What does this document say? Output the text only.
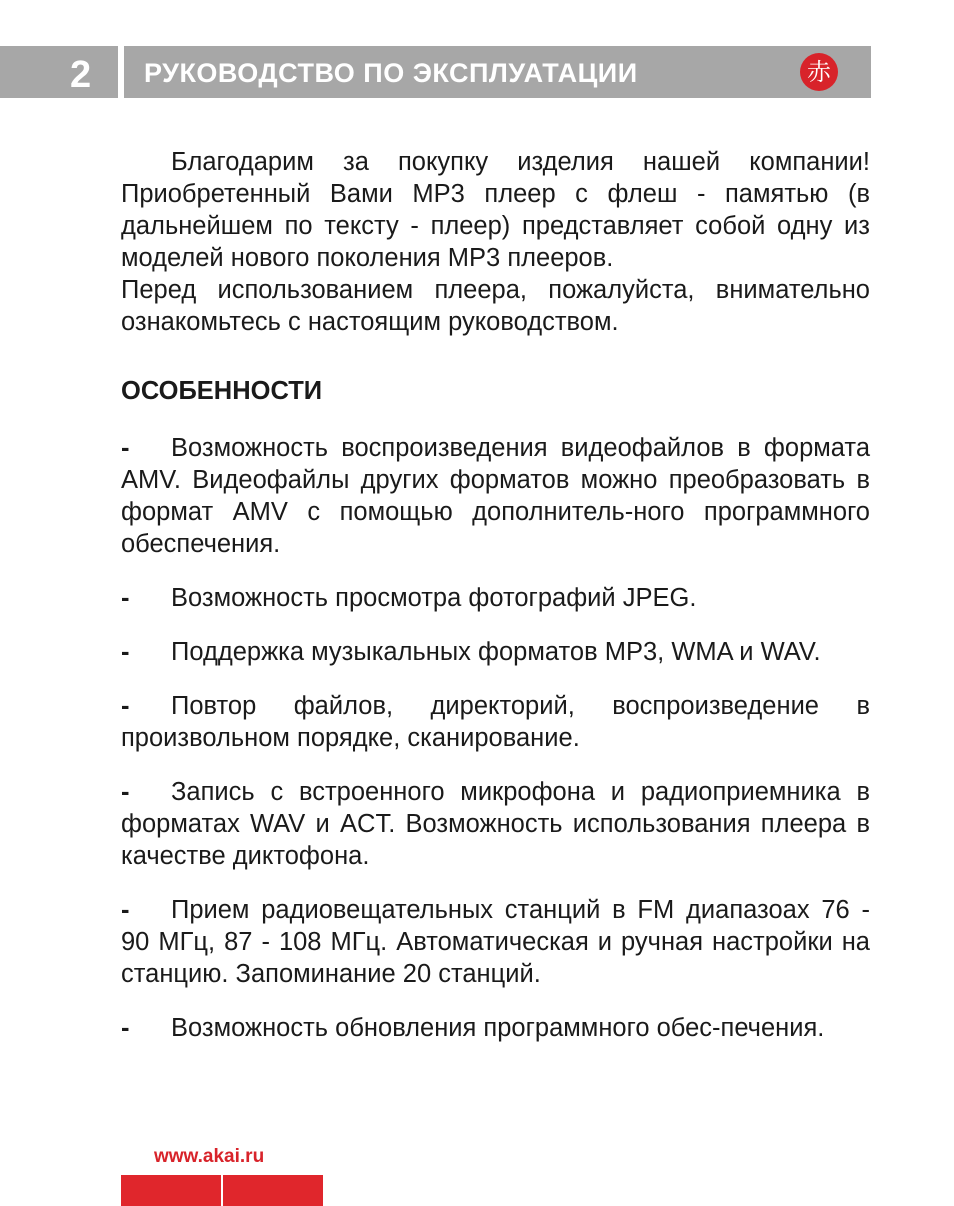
2	РУКОВОДСТВО ПО ЭКСПЛУАТАЦИИ	赤

Благодарим за покупку изделия нашей компании! Приобретенный Вами MP3 плеер с флеш - памятью (в дальнейшем по тексту - плеер) представляет собой одну из моделей нового поколения MP3 плееров.

Перед использованием плеера, пожалуйста, внимательно ознакомьтесь с настоящим руководством.

ОСОБЕННОСТИ

- Возможность воспроизведения видеофайлов в формата AMV. Видеофайлы других форматов можно преобразовать в формат AMV с помощью дополнитель-ного программного обеспечения.

- Возможность просмотра фотографий JPEG.

- Поддержка музыкальных форматов MP3, WMA и WAV.

- Повтор файлов, директорий, воспроизведение в произвольном порядке, сканирование.

- Запись с встроенного микрофона и радиоприемника в форматах WAV и ACT. Возможность использования плеера в качестве диктофона.

- Прием радиовещательных станций в FM диапазоах 76 - 90 МГц, 87 - 108 МГц. Автоматическая и ручная настройки на станцию. Запоминание 20 станций.

- Возможность обновления программного обес-печения.

www.akai.ru
